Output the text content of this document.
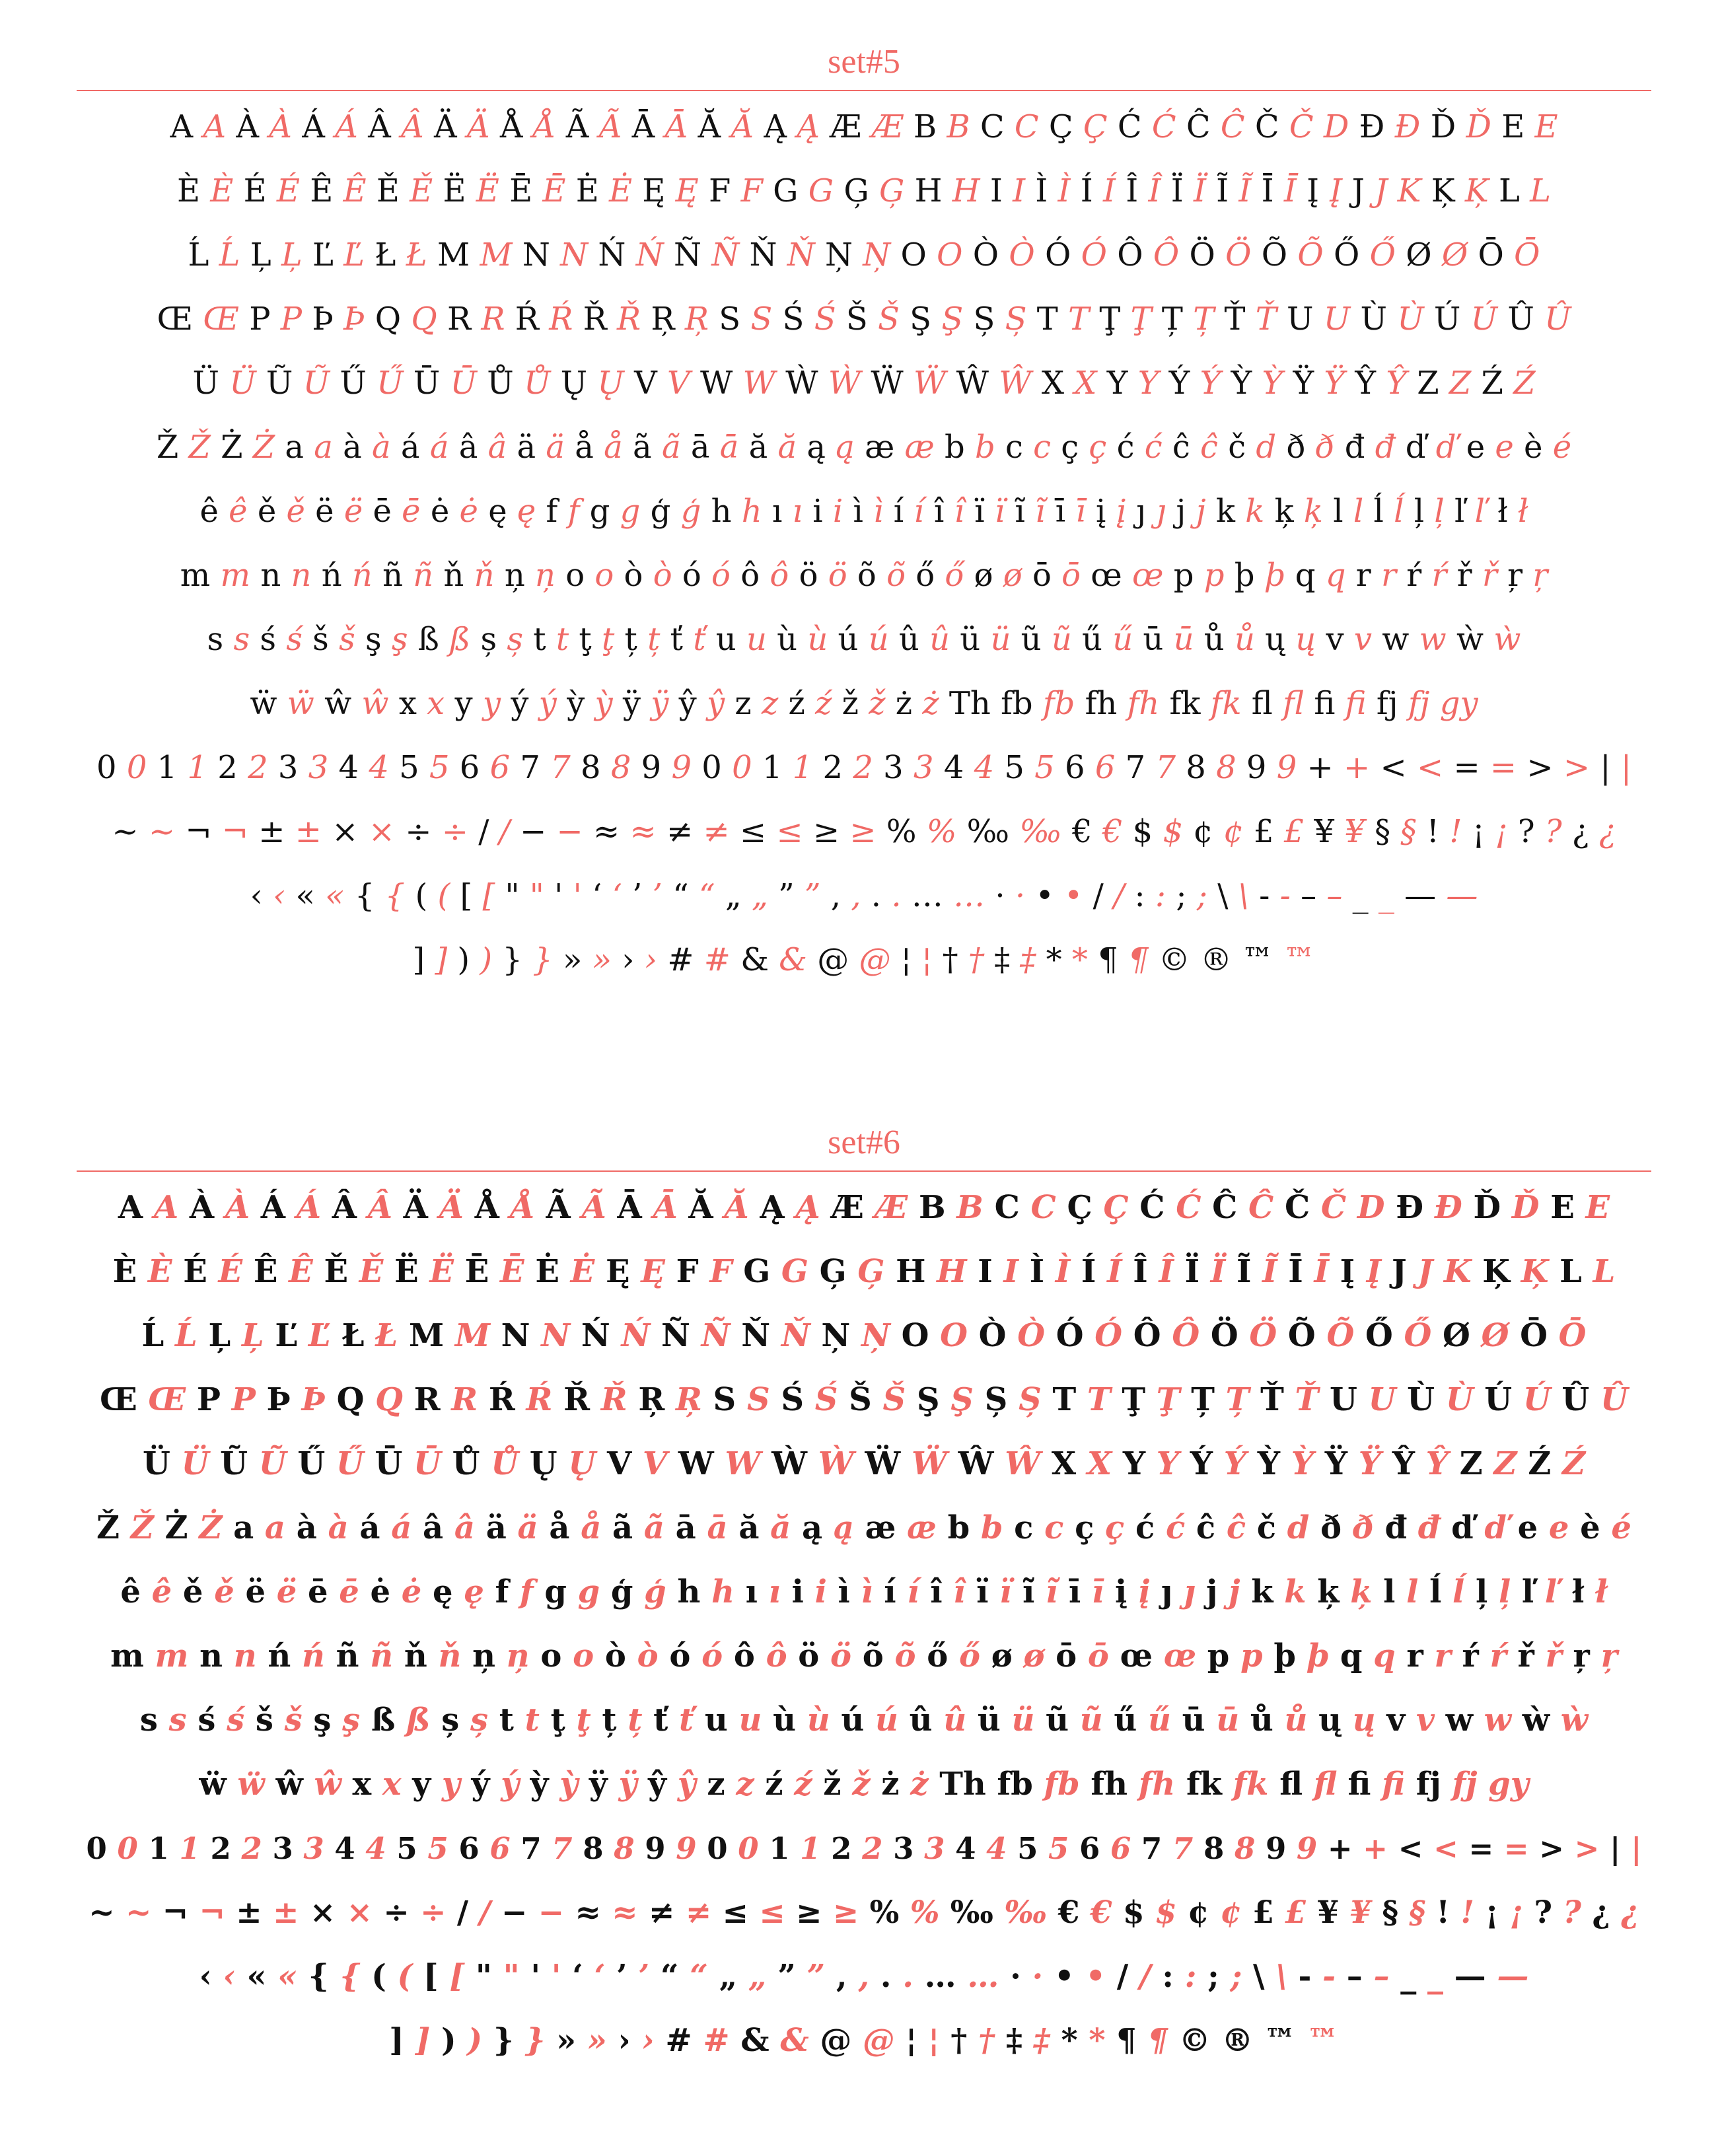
set#5
A A À À Á Á Â Â Ä Ä Å Å Ã Ã Ā Ā Ă Ă Ą Ą Æ Æ B B C C Ç Ç Ć Ć Ĉ Ĉ Č Č D Đ Đ Ď Ď E E
È È É É Ê Ê Ě Ě Ë Ë Ē Ē Ė Ė Ę Ę F F G G Ģ Ģ H H I I Ì Ì Í Í Î Î Ï Ï Ĩ Ĩ Ī Ī Į Į J J K Ķ Ķ L L
Ĺ Ĺ Ļ Ļ Ľ Ľ Ł Ł M M N N Ń Ń Ñ Ñ Ň Ň Ņ Ņ O O Ò Ò Ó Ó Ô Ô Ö Ö Õ Õ Ő Ő Ø Ø Ō Ō
Œ Œ P P Þ Þ Q Q R R Ŕ Ŕ Ř Ř Ŗ Ŗ S S Ś Ś Š Š Ş Ş Ș Ș T T Ţ Ţ Ț Ț Ť Ť U U Ù Ù Ú Ú Û Û
Ü Ü Ũ Ũ Ű Ű Ū Ū Ů Ů Ų Ų V V W W Ẁ Ẁ Ẅ Ẅ Ŵ Ŵ X X Y Y Ý Ý Ỳ Ỳ Ÿ Ÿ Ŷ Ŷ Z Z Ź Ź
Ž Ž Ż Ż a a à à á á â â ä ä å å ã ã ā ā ă ă ą ą æ æ b b c c ç ç ć ć ĉ ĉ č d ð ð đ đ ď ď e e è é
ê ê ě ě ë ë ē ē ė ė ę ę f f g g ģ ģ h h ı ı i i ì ì í í î î ï ï ĩ ĩ ī ī į į ȷ ȷ j j k k ķ ķ l l ĺ ĺ ļ ļ ľ ľ ł ł
m m n n ń ń ñ ñ ň ň ņ ņ o o ò ò ó ó ô ô ö ö õ õ ő ő ø ø ō ō œ œ p p þ þ q q r r ŕ ŕ ř ř ŗ ŗ
s s ś ś š š ş ş ß ß ș ș t t ţ ţ ț ț ť ť u u ù ù ú ú û û ü ü ũ ũ ű ű ū ū ů ů ų ų v v w w ẁ ẁ
ẅ ẅ ŵ ŵ x x y y ý ý ỳ ỳ ÿ ÿ ŷ ŷ z z ź ź ž ž ż ż Th fb fb fh fh fk fk fl fl fi fi fj fj gy
0 0 1 1 2 2 3 3 4 4 5 5 6 6 7 7 8 8 9 9 0 0 1 1 2 2 3 3 4 4 5 5 6 6 7 7 8 8 9 9 + + < < = = > > | |
~ ~ ¬ ¬ ± ± × × ÷ ÷ / / − − ≈ ≈ ≠ ≠ ≤ ≤ ≥ ≥ % % ‰ ‰ € € $ $ ¢ ¢ £ £ ¥ ¥ § § ! ! ¡ ¡ ? ? ¿ ¿
‹ ‹ « « { { ( ( [ [ " " ' ' ‘ ‘ ’ ’ “ “ „ „ ” ” , , . . … … · · • • / / : : ; ; \ \ - - – – _ _ — —
] ] ) ) } } » » › › # # & & @ @ ¦ ¦ † † ‡ ‡ * * ¶ ¶ © ® ™ ™
set#6
A A À À Á Á Â Â Ä Ä Å Å Ã Ã Ā Ā Ă Ă Ą Ą Æ Æ B B C C Ç Ç Ć Ć Ĉ Ĉ Č Č D Đ Đ Ď Ď E E
È È É É Ê Ê Ě Ě Ë Ë Ē Ē Ė Ė Ę Ę F F G G Ģ Ģ H H I I Ì Ì Í Í Î Î Ï Ï Ĩ Ĩ Ī Ī Į Į J J K Ķ Ķ L L
Ĺ Ĺ Ļ Ļ Ľ Ľ Ł Ł M M N N Ń Ń Ñ Ñ Ň Ň Ņ Ņ O O Ò Ò Ó Ó Ô Ô Ö Ö Õ Õ Ő Ő Ø Ø Ō Ō
Œ Œ P P Þ Þ Q Q R R Ŕ Ŕ Ř Ř Ŗ Ŗ S S Ś Ś Š Š Ş Ş Ș Ș T T Ţ Ţ Ț Ț Ť Ť U U Ù Ù Ú Ú Û Û
Ü Ü Ũ Ũ Ű Ű Ū Ū Ů Ů Ų Ų V V W W Ẁ Ẁ Ẅ Ẅ Ŵ Ŵ X X Y Y Ý Ý Ỳ Ỳ Ÿ Ÿ Ŷ Ŷ Z Z Ź Ź
Ž Ž Ż Ż a a à à á á â â ä ä å å ã ã ā ā ă ă ą ą æ æ b b c c ç ç ć ć ĉ ĉ č d ð ð đ đ ď ď e e è é
ê ê ě ě ë ë ē ē ė ė ę ę f f g g ģ ģ h h ı ı i i ì ì í í î î ï ï ĩ ĩ ī ī į į ȷ ȷ j j k k ķ ķ l l ĺ ĺ ļ ļ ľ ľ ł ł
m m n n ń ń ñ ñ ň ň ņ ņ o o ò ò ó ó ô ô ö ö õ õ ő ő ø ø ō ō œ œ p p þ þ q q r r ŕ ŕ ř ř ŗ ŗ
s s ś ś š š ş ş ß ß ș ș t t ţ ţ ț ț ť ť u u ù ù ú ú û û ü ü ũ ũ ű ű ū ū ů ů ų ų v v w w ẁ ẁ
ẅ ẅ ŵ ŵ x x y y ý ý ỳ ỳ ÿ ÿ ŷ ŷ z z ź ź ž ž ż ż Th fb fb fh fh fk fk fl fl fi fi fj fj gy
0 0 1 1 2 2 3 3 4 4 5 5 6 6 7 7 8 8 9 9 0 0 1 1 2 2 3 3 4 4 5 5 6 6 7 7 8 8 9 9 + + < < = = > > | |
~ ~ ¬ ¬ ± ± × × ÷ ÷ / / − − ≈ ≈ ≠ ≠ ≤ ≤ ≥ ≥ % % ‰ ‰ € € $ $ ¢ ¢ £ £ ¥ ¥ § § ! ! ¡ ¡ ? ? ¿ ¿
‹ ‹ « « { { ( ( [ [ " " ' ' ‘ ‘ ’ ’ “ “ „ „ ” ” , , . . … … · · • • / / : : ; ; \ \ - - – – _ _ — —
] ] ) ) } } » » › › # # & & @ @ ¦ ¦ † † ‡ ‡ * * ¶ ¶ © ® ™ ™
